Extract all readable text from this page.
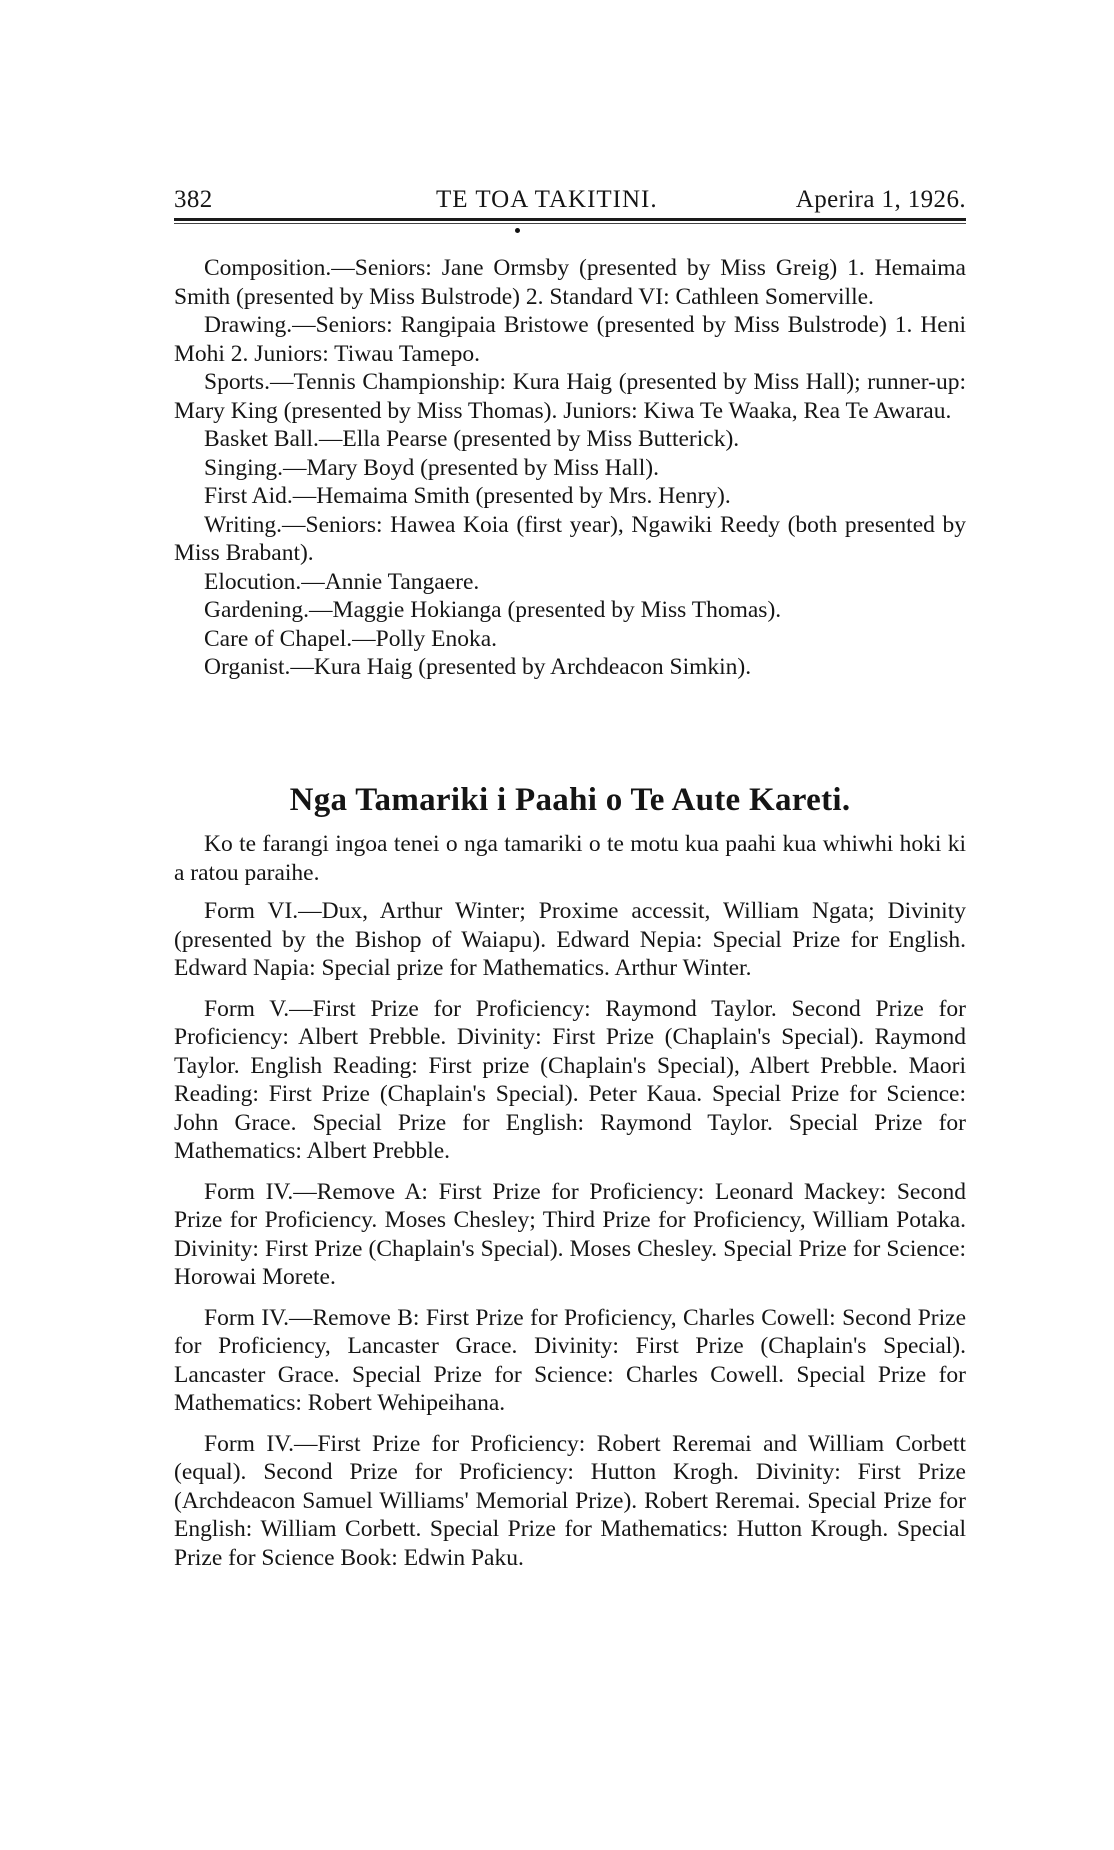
382	TE TOA TAKITINI.	Aperira 1, 1926.

Composition.—Seniors: Jane Ormsby (presented by Miss Greig) 1. Hemaima Smith (presented by Miss Bulstrode) 2. Standard VI: Cathleen Somerville.

Drawing.—Seniors: Rangipaia Bristowe (presented by Miss Bulstrode) 1. Heni Mohi 2. Juniors: Tiwau Tamepo.

Sports.—Tennis Championship: Kura Haig (presented by Miss Hall); runner-up: Mary King (presented by Miss Thomas). Juniors: Kiwa Te Waaka, Rea Te Awarau.

Basket Ball.—Ella Pearse (presented by Miss Butterick).

Singing.—Mary Boyd (presented by Miss Hall).

First Aid.—Hemaima Smith (presented by Mrs. Henry).

Writing.—Seniors: Hawea Koia (first year), Ngawiki Reedy (both presented by Miss Brabant).

Elocution.—Annie Tangaere.

Gardening.—Maggie Hokianga (presented by Miss Thomas).

Care of Chapel.—Polly Enoka.

Organist.—Kura Haig (presented by Archdeacon Simkin).

Nga Tamariki i Paahi o Te Aute Kareti.

Ko te farangi ingoa tenei o nga tamariki o te motu kua paahi kua whiwhi hoki ki a ratou paraihe.

Form VI.—Dux, Arthur Winter; Proxime accessit, William Ngata; Divinity (presented by the Bishop of Waiapu). Edward Nepia: Special Prize for English. Edward Napia: Special prize for Mathematics. Arthur Winter.

Form V.—First Prize for Proficiency: Raymond Taylor. Second Prize for Proficiency: Albert Prebble. Divinity: First Prize (Chaplain's Special). Raymond Taylor. English Reading: First prize (Chaplain's Special), Albert Prebble. Maori Reading: First Prize (Chaplain's Special). Peter Kaua. Special Prize for Science: John Grace. Special Prize for English: Raymond Taylor. Special Prize for Mathematics: Albert Prebble.

Form IV.—Remove A: First Prize for Proficiency: Leonard Mackey: Second Prize for Proficiency. Moses Chesley; Third Prize for Proficiency, William Potaka. Divinity: First Prize (Chaplain's Special). Moses Chesley. Special Prize for Science: Horowai Morete.

Form IV.—Remove B: First Prize for Proficiency, Charles Cowell: Second Prize for Proficiency, Lancaster Grace. Divinity: First Prize (Chaplain's Special). Lancaster Grace. Special Prize for Science: Charles Cowell. Special Prize for Mathematics: Robert Wehipeihana.

Form IV.—First Prize for Proficiency: Robert Reremai and William Corbett (equal). Second Prize for Proficiency: Hutton Krogh. Divinity: First Prize (Archdeacon Samuel Williams' Memorial Prize). Robert Reremai. Special Prize for English: William Corbett. Special Prize for Mathematics: Hutton Krough. Special Prize for Science Book: Edwin Paku.
